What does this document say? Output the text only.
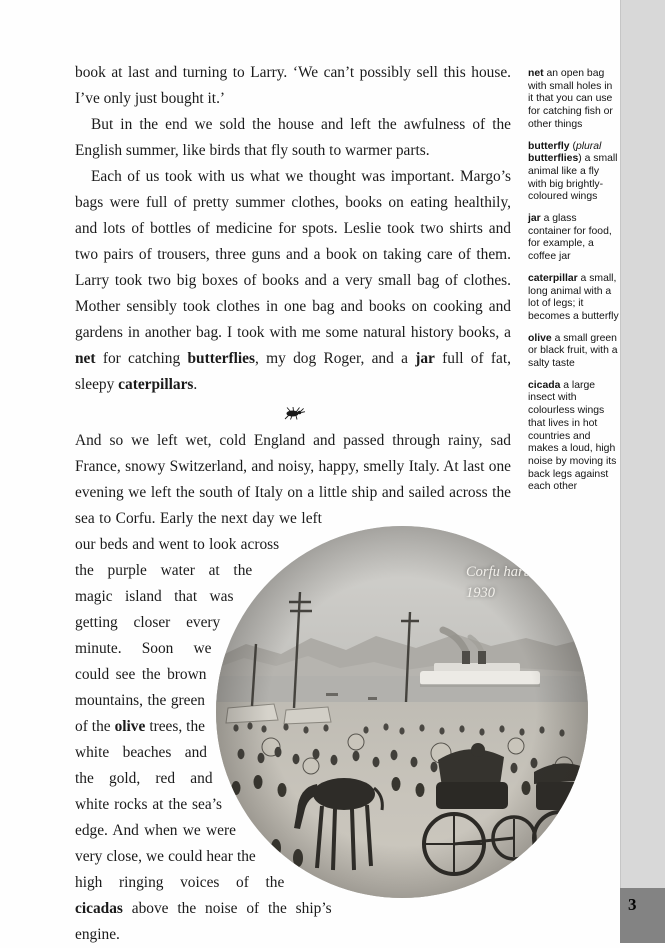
3

book at last and turning to Larry. ‘We can’t possibly sell this house. I’ve only just bought it.’

But in the end we sold the house and left the awfulness of the English summer, like birds that fly south to warmer parts.

Each of us took with us what we thought was important. Margo’s bags were full of pretty summer clothes, books on eating healthily, and lots of bottles of medicine for spots. Leslie took two shirts and two pairs of trousers, three guns and a book on taking care of them. Larry took two big boxes of books and a very small bag of clothes. Mother sensibly took clothes in one bag and books on cooking and gardens in another bag. I took with me some natural history books, a net for catching butterflies, my dog Roger, and a jar full of fat, sleepy caterpillars.

Corfu harbour,
1930
And so we left wet, cold England and passed through rainy, sad France, snowy Switzerland, and noisy, happy, smelly Italy. At last one evening we left the south of Italy on a little ship and sailed across the sea to Corfu. Early the next day we left our beds and went to look across the purple water at the magic island that was getting closer every minute. Soon we could see the brown mountains, the green of the olive trees, the white beaches and the gold, red and white rocks at the sea’s edge. And when we were very close, we could hear the high ringing voices of the cicadas above the noise of the ship’s engine.

net an open bag with small holes in it that you can use for catching fish or other things
butterfly (plural butterflies) a small animal like a fly with big brightly-coloured wings
jar a glass container for food, for example, a coffee jar
caterpillar a small, long animal with a lot of legs; it becomes a butterfly
olive a small green or black fruit, with a salty taste
cicada a large insect with colourless wings that lives in hot countries and makes a loud, high noise by moving its back legs against each other
